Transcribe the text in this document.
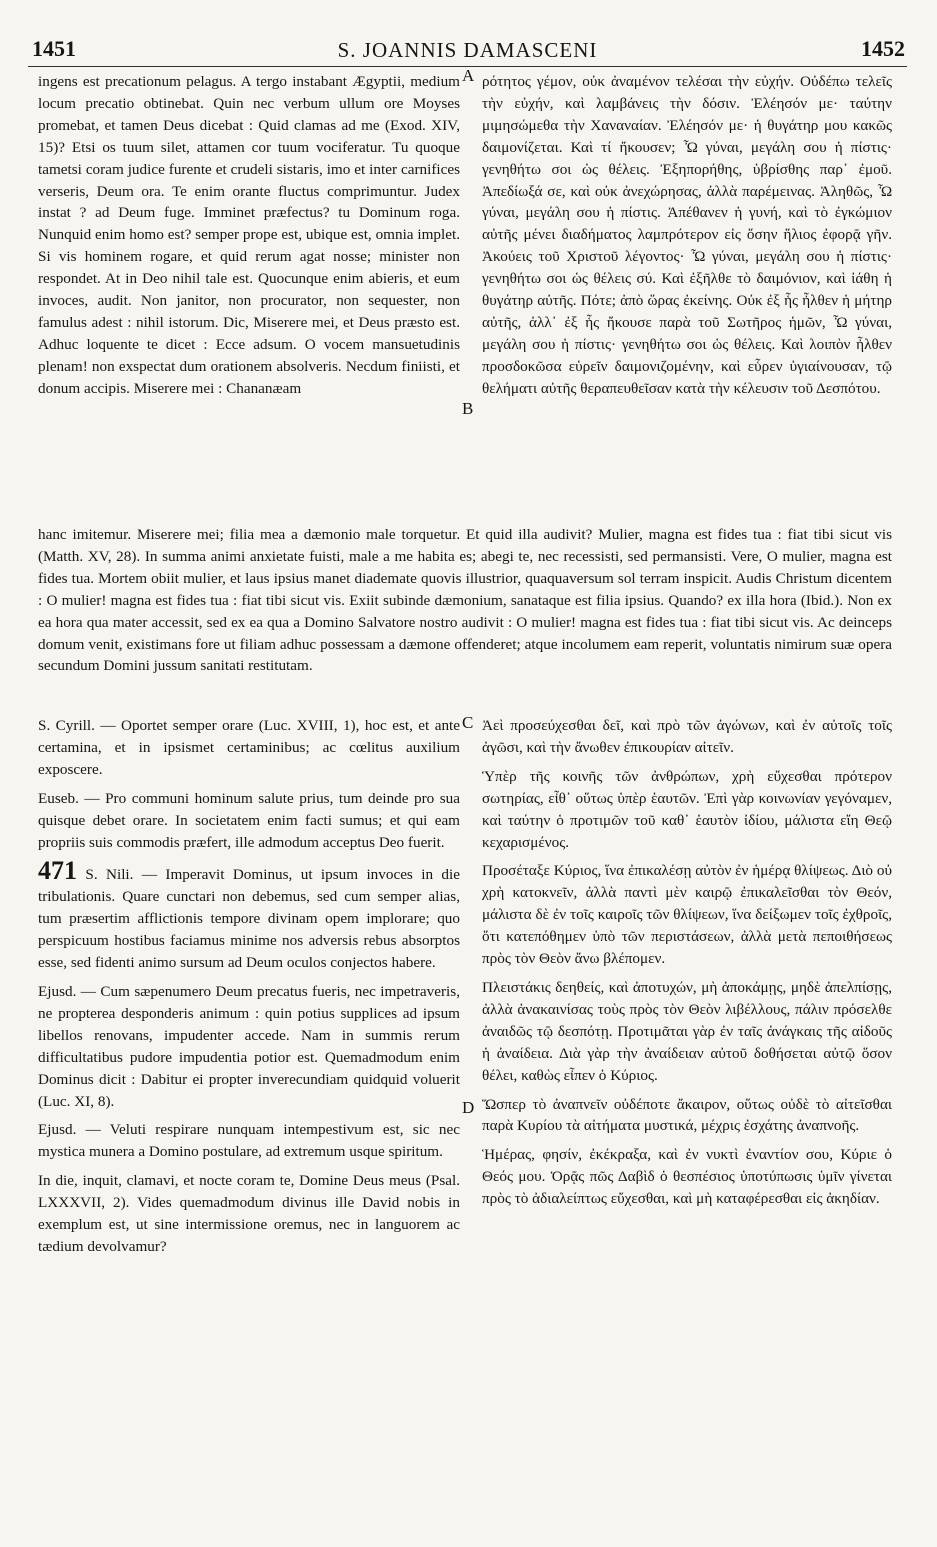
1451	S. JOANNIS DAMASCENI	1452
A
B
C
D

ingens est precationum pelagus. A tergo instabant Ægyptii, medium locum precatio obtinebat. Quin nec verbum ullum ore Moyses promebat, et tamen Deus dicebat : Quid clamas ad me (Exod. XIV, 15)? Etsi os tuum silet, attamen cor tuum vociferatur. Tu quoque tametsi coram judice furente et crudeli sistaris, imo et inter carnifices verseris, Deum ora. Te enim orante fluctus comprimuntur. Judex instat ? ad Deum fuge. Imminet præfectus? tu Dominum roga. Nunquid enim homo est? semper prope est, ubique est, omnia implet. Si vis hominem rogare, et quid rerum agat nosse; minister non respondet. At in Deo nihil tale est. Quocunque enim abieris, et eum invoces, audit. Non janitor, non procurator, non sequester, non famulus adest : nihil istorum. Dic, Miserere mei, et Deus præsto est. Adhuc loquente te dicet : Ecce adsum. O vocem mansuetudinis plenam! non exspectat dum orationem absolveris. Necdum finiisti, et donum accipis. Miserere mei : Chananæam

ρότητος γέμον, οὐκ ἀναμένον τελέσαι τὴν εὐχήν. Οὐδέπω τελεῖς τὴν εὐχήν, καὶ λαμβάνεις τὴν δόσιν. Ἐλέησόν με· ταύτην μιμησώμεθα τὴν Χαναναίαν. Ἐλέησόν με· ἡ θυγάτηρ μου κακῶς δαιμονίζεται. Καὶ τί ἤκουσεν; Ὦ γύναι, μεγάλη σου ἡ πίστις· γενηθήτω σοι ὡς θέλεις. Ἐξηπορήθης, ὑβρίσθης παρ᾽ ἐμοῦ. Ἀπεδίωξά σε, καὶ οὐκ ἀνεχώρησας, ἀλλὰ παρέμεινας. Ἀληθῶς, Ὦ γύναι, μεγάλη σου ἡ πίστις. Ἀπέθανεν ἡ γυνή, καὶ τὸ ἐγκώμιον αὐτῆς μένει διαδήματος λαμπρότερον εἰς ὅσην ἥλιος ἐφορᾷ γῆν. Ἀκούεις τοῦ Χριστοῦ λέγοντος· Ὦ γύναι, μεγάλη σου ἡ πίστις· γενηθήτω σοι ὡς θέλεις σύ. Καὶ ἐξῆλθε τὸ δαιμόνιον, καὶ ἰάθη ἡ θυγάτηρ αὐτῆς. Πότε; ἀπὸ ὥρας ἐκείνης. Οὐκ ἐξ ἧς ἦλθεν ἡ μήτηρ αὐτῆς, ἀλλ᾽ ἐξ ἧς ἤκουσε παρὰ τοῦ Σωτῆρος ἡμῶν, Ὦ γύναι, μεγάλη σου ἡ πίστις· γενηθήτω σοι ὡς θέλεις. Καὶ λοιπὸν ἦλθεν προσδοκῶσα εὑρεῖν δαιμονιζομένην, καὶ εὗρεν ὑγιαίνουσαν, τῷ θελήματι αὐτῆς θεραπευθεῖσαν κατὰ τὴν κέλευσιν τοῦ Δεσπότου.

hanc imitemur. Miserere mei; filia mea a dæmonio male torquetur. Et quid illa audivit? Mulier, magna est fides tua : fiat tibi sicut vis (Matth. XV, 28). In summa animi anxietate fuisti, male a me habita es; abegi te, nec recessisti, sed permansisti. Vere, O mulier, magna est fides tua. Mortem obiit mulier, et laus ipsius manet diademate quovis illustrior, quaquaversum sol terram inspicit. Audis Christum dicentem : O mulier! magna est fides tua : fiat tibi sicut vis. Exiit subinde dæmonium, sanataque est filia ipsius. Quando? ex illa hora (Ibid.). Non ex ea hora qua mater accessit, sed ex ea qua a Domino Salvatore nostro audivit : O mulier! magna est fides tua : fiat tibi sicut vis. Ac deinceps domum venit, existimans fore ut filiam adhuc possessam a dæmone offenderet; atque incolumem eam reperit, voluntatis nimirum suæ opera secundum Domini jussum sanitati restitutam.

S. Cyrill. — Oportet semper orare (Luc. XVIII, 1), hoc est, et ante certamina, et in ipsismet certaminibus; ac cœlitus auxilium exposcere.

Euseb. — Pro communi hominum salute prius, tum deinde pro sua quisque debet orare. In societatem enim facti sumus; et qui eam propriis suis commodis præfert, ille admodum acceptus Deo fuerit.

471 S. Nili. — Imperavit Dominus, ut ipsum invoces in die tribulationis. Quare cunctari non debemus, sed cum semper alias, tum præsertim afflictionis tempore divinam opem implorare; quo perspicuum hostibus faciamus minime nos adversis rebus absorptos esse, sed fidenti animo sursum ad Deum oculos conjectos habere.

Ejusd. — Cum sæpenumero Deum precatus fueris, nec impetraveris, ne propterea desponderis animum : quin potius supplices ad ipsum libellos renovans, impudenter accede. Nam in summis rerum difficultatibus pudore impudentia potior est. Quemadmodum enim Dominus dicit : Dabitur ei propter inverecundiam quidquid voluerit (Luc. XI, 8).

Ejusd. — Veluti respirare nunquam intempestivum est, sic nec mystica munera a Domino postulare, ad extremum usque spiritum.

In die, inquit, clamavi, et nocte coram te, Domine Deus meus (Psal. LXXXVII, 2). Vides quemadmodum divinus ille David nobis in exemplum est, ut sine intermissione oremus, nec in languorem ac tædium devolvamur?

Ἀεὶ προσεύχεσθαι δεῖ, καὶ πρὸ τῶν ἀγώνων, καὶ ἐν αὐτοῖς τοῖς ἀγῶσι, καὶ τὴν ἄνωθεν ἐπικουρίαν αἰτεῖν.

Ὑπὲρ τῆς κοινῆς τῶν ἀνθρώπων, χρὴ εὔχεσθαι πρότερον σωτηρίας, εἶθ᾽ οὕτως ὑπὲρ ἑαυτῶν. Ἐπὶ γὰρ κοινωνίαν γεγόναμεν, καὶ ταύτην ὁ προτιμῶν τοῦ καθ᾽ ἑαυτὸν ἰδίου, μάλιστα εἴη Θεῷ κεχαρισμένος.

Προσέταξε Κύριος, ἵνα ἐπικαλέσῃ αὐτὸν ἐν ἡμέρᾳ θλίψεως. Διὸ οὐ χρὴ κατοκνεῖν, ἀλλὰ παντὶ μὲν καιρῷ ἐπικαλεῖσθαι τὸν Θεόν, μάλιστα δὲ ἐν τοῖς καιροῖς τῶν θλίψεων, ἵνα δείξωμεν τοῖς ἐχθροῖς, ὅτι κατεπόθημεν ὑπὸ τῶν περιστάσεων, ἀλλὰ μετὰ πεποιθήσεως πρὸς τὸν Θεὸν ἄνω βλέπομεν.

Πλειστάκις δεηθείς, καὶ ἀποτυχών, μὴ ἀποκάμῃς, μηδὲ ἀπελπίσῃς, ἀλλὰ ἀνακαινίσας τοὺς πρὸς τὸν Θεὸν λιβέλλους, πάλιν πρόσελθε ἀναιδῶς τῷ δεσπότῃ. Προτιμᾶται γὰρ ἐν ταῖς ἀνάγκαις τῆς αἰδοῦς ἡ ἀναίδεια. Διὰ γὰρ τὴν ἀναίδειαν αὐτοῦ δοθήσεται αὐτῷ ὅσον θέλει, καθὼς εἶπεν ὁ Κύριος.

Ὥσπερ τὸ ἀναπνεῖν οὐδέποτε ἄκαιρον, οὕτως οὐδὲ τὸ αἰτεῖσθαι παρὰ Κυρίου τὰ αἰτήματα μυστικά, μέχρις ἐσχάτης ἀναπνοῆς.

Ἡμέρας, φησίν, ἐκέκραξα, καὶ ἐν νυκτὶ ἐναντίον σου, Κύριε ὁ Θεός μου. Ὁρᾷς πῶς Δαβὶδ ὁ θεσπέσιος ὑποτύπωσις ὑμῖν γίνεται πρὸς τὸ ἀδιαλείπτως εὔχεσθαι, καὶ μὴ καταφέρεσθαι εἰς ἀκηδίαν.
